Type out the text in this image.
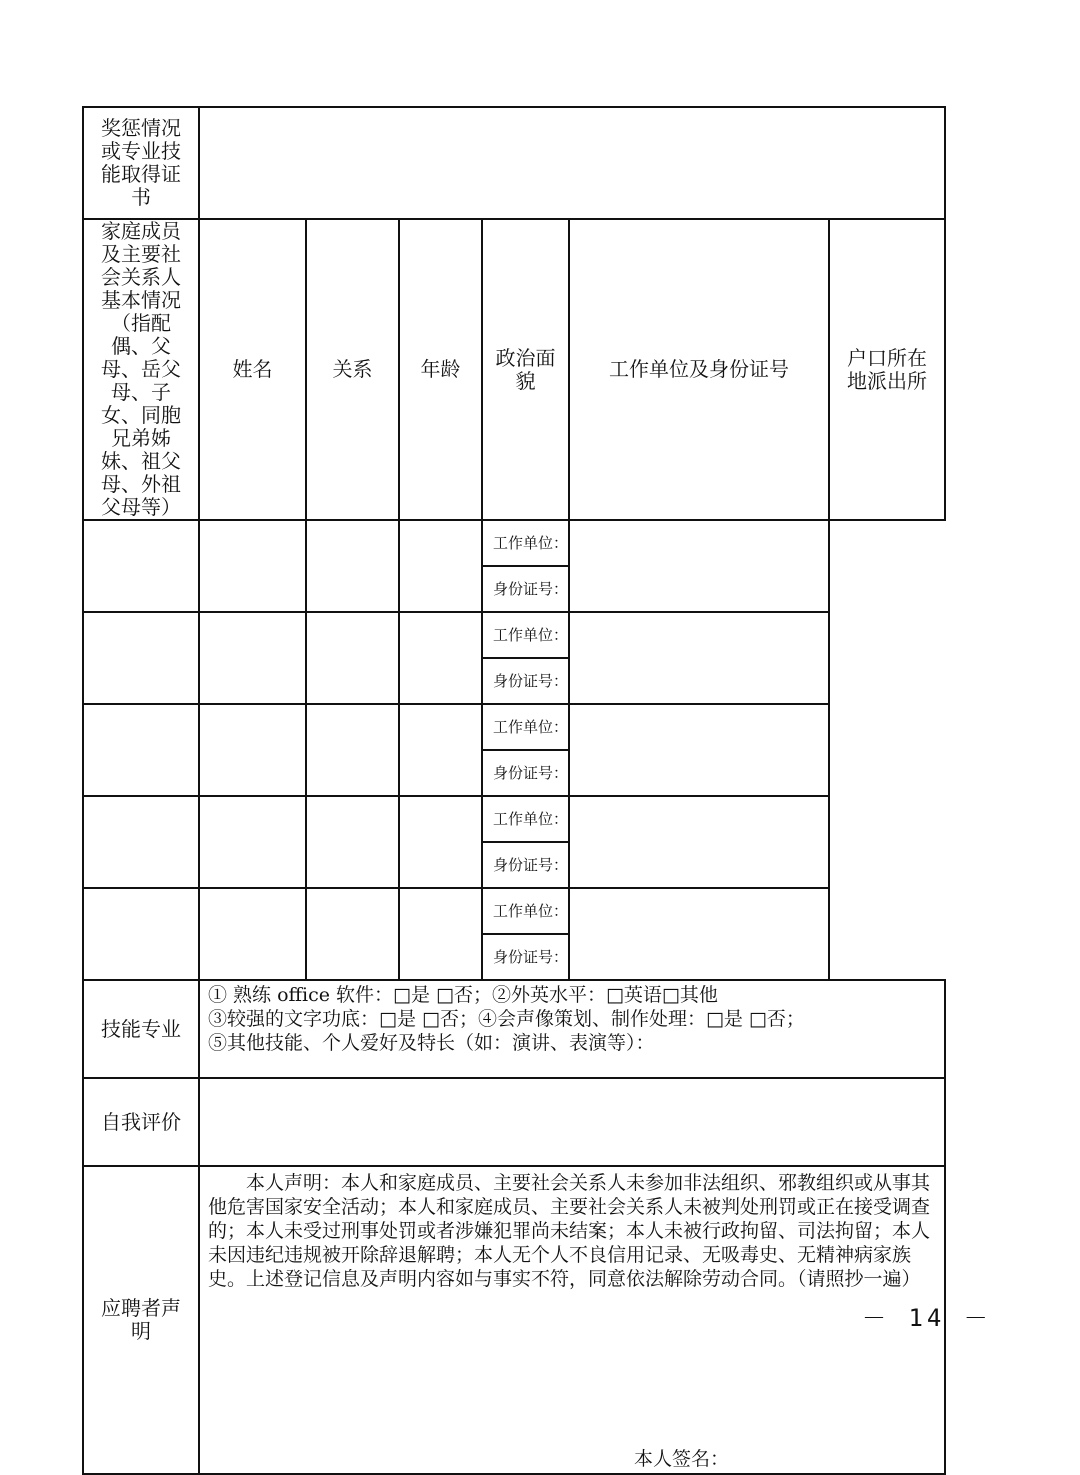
奖惩情况或专业技能取得证书						
家庭成员及主要社会关系人基本情况（指配偶、父母、岳父母、子女、同胞兄弟姊妹、祖父母、外祖父母等）	姓名	关系	年龄	政治面貌	工作单位及身份证号	户口所在地派出所
				工作单位：		
				身份证号：		
				工作单位：		
				身份证号：		
				工作单位：		
				身份证号：		
				工作单位：		
				身份证号：		
				工作单位：		
				身份证号：		
技能专业	① 熟练 office 软件：□是 □否；②外英水平：□英语□其他
③较强的文字功底：□是 □否；④会声像策划、制作处理：□是 □否；
⑤其他技能、个人爱好及特长（如：演讲、表演等）：					

自我评价						
应聘者声明	本人声明：本人和家庭成员、主要社会关系人未参加非法组织、邪教组织或从事其他危害国家安全活动；本人和家庭成员、主要社会关系人未被判处刑罚或正在接受调查的；本人未受过刑事处罚或者涉嫌犯罪尚未结案；本人未被行政拘留、司法拘留；本人未因违纪违规被开除辞退解聘；本人无个人不良信用记录、无吸毒史、无精神病家族史。上述登记信息及声明内容如与事实不符，同意依法解除劳动合同。（请照抄一遍）
本人签名：					
－ 14 －
